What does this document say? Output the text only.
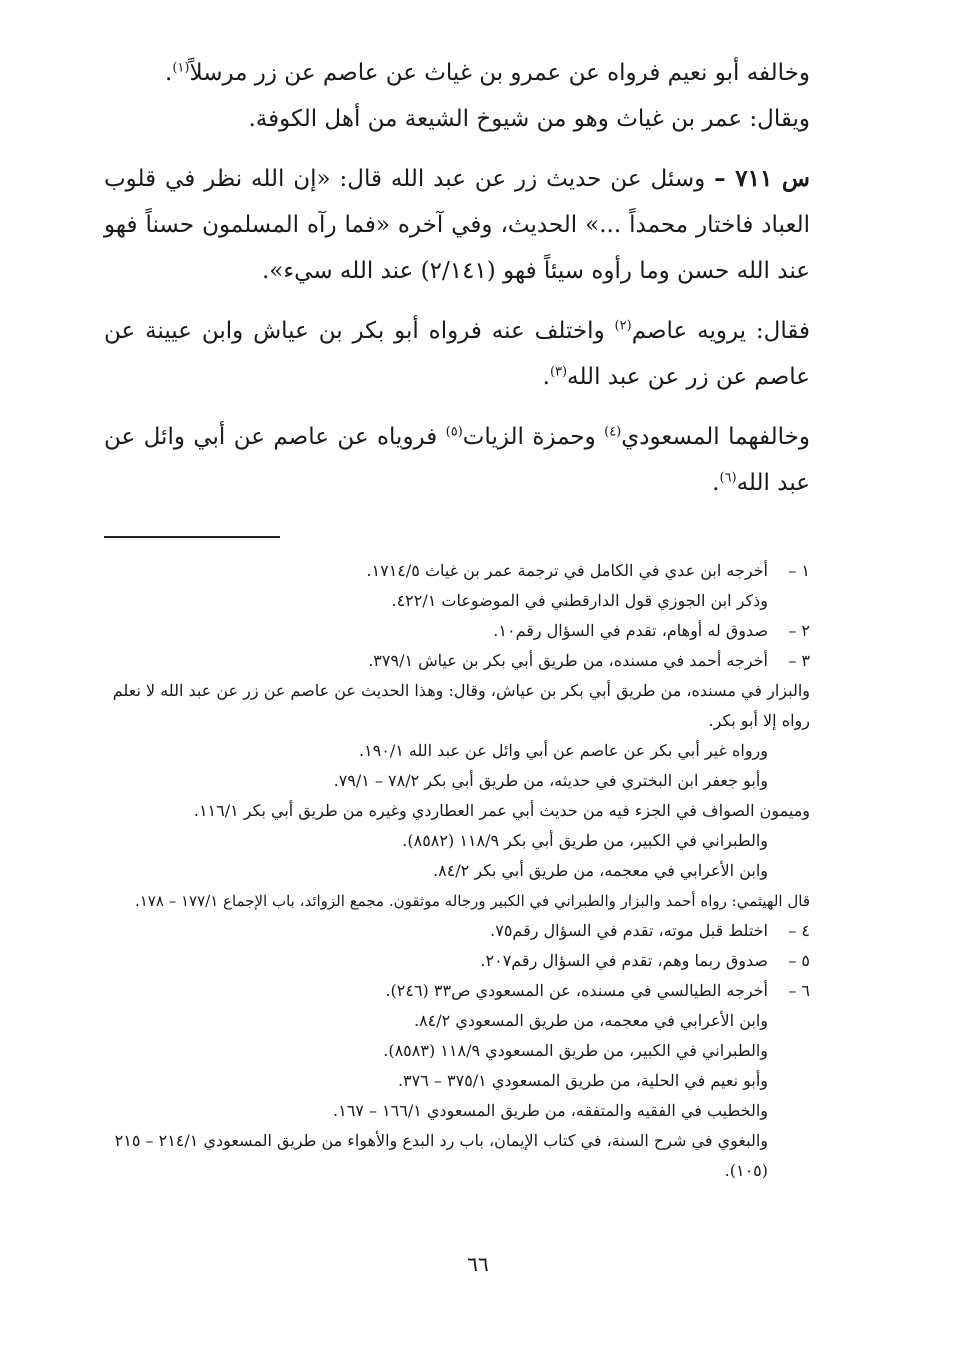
وخالفه أبو نعيم فرواه عن عمرو بن غياث عن عاصم عن زر مرسلاً$^{(١)}$.
ويقال: عمر بن غياث وهو من شيوخ الشيعة من أهل الكوفة.

س ٧١١ – وسئل عن حديث زر عن عبد الله قال: «إن الله نظر في قلوب العباد فاختار محمداً ...» الحديث، وفي آخره «فما رآه المسلمون حسناً فهو عند الله حسن وما رأوه سيئاً فهو (٢/١٤١) عند الله سيء».

فقال: يرويه عاصم$^{(٢)}$ واختلف عنه فرواه أبو بكر بن عياش وابن عيينة عن عاصم عن زر عن عبد الله$^{(٣)}$.

وخالفهما المسعودي$^{(٤)}$ وحمزة الزيات$^{(٥)}$ فروياه عن عاصم عن أبي وائل عن عبد الله$^{(٦)}$.

١ –
أخرجه ابن عدي في الكامل في ترجمة عمر بن غياث ١٧١٤/٥.
وذكر ابن الجوزي قول الدارقطني في الموضوعات ٤٢٢/١.
٢ –
صدوق له أوهام، تقدم في السؤال رقم١٠.
٣ –
أخرجه أحمد في مسنده، من طريق أبي بكر بن عياش ٣٧٩/١.
والبزار في مسنده، من طريق أبي بكر بن عياش، وقال: وهذا الحديث عن عاصم عن زر عن عبد الله لا نعلم رواه إلا أبو بكر.
ورواه غير أبي بكر عن عاصم عن أبي وائل عن عبد الله ١٩٠/١.
وأبو جعفر ابن البختري في حديثه، من طريق أبي بكر ٧٨/٢ – ٧٩/١.
وميمون الصواف في الجزء فيه من حديث أبي عمر العطاردي وغيره من طريق أبي بكر ١١٦/١.
والطبراني في الكبير، من طريق أبي بكر ١١٨/٩ (٨٥٨٢).
وابن الأعرابي في معجمه، من طريق أبي بكر ٨٤/٢.
قال الهيثمي: رواه أحمد والبزار والطبراني في الكبير ورجاله موثقون. مجمع الزوائد، باب الإجماع ١٧٧/١ – ١٧٨.
٤ –
اختلط قبل موته، تقدم في السؤال رقم٧٥.
٥ –
صدوق ربما وهم، تقدم في السؤال رقم٢٠٧.
٦ –
أخرجه الطيالسي في مسنده، عن المسعودي ص٣٣ (٢٤٦).
وابن الأعرابي في معجمه، من طريق المسعودي ٨٤/٢.
والطبراني في الكبير، من طريق المسعودي ١١٨/٩ (٨٥٨٣).
وأبو نعيم في الحلية، من طريق المسعودي ٣٧٥/١ – ٣٧٦.
والخطيب في الفقيه والمتفقه، من طريق المسعودي ١٦٦/١ – ١٦٧.
والبغوي في شرح السنة، في كتاب الإيمان، باب رد البدع والأهواء من طريق المسعودي ٢١٤/١ – ٢١٥ (١٠٥).
٦٦
